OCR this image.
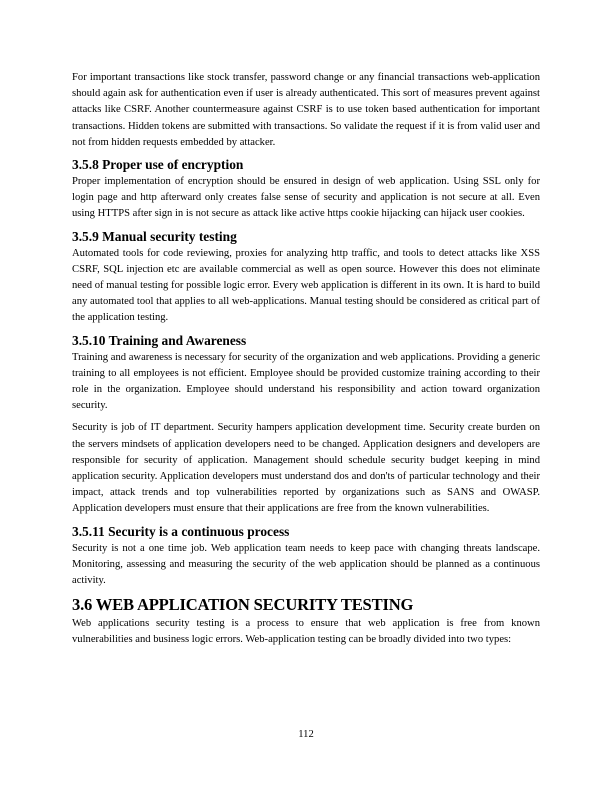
For important transactions like stock transfer, password change or any financial transactions web-application should again ask for authentication even if user is already authenticated. This sort of measures prevent against attacks like CSRF. Another countermeasure against CSRF is to use token based authentication for important transactions. Hidden tokens are submitted with transactions. So validate the request if it is from valid user and not from hidden requests embedded by attacker.

3.5.8 Proper use of encryption

Proper implementation of encryption should be ensured in design of web application. Using SSL only for login page and http afterward only creates false sense of security and application is not secure at all. Even using HTTPS after sign in is not secure as attack like active https cookie hijacking can hijack user cookies.

3.5.9 Manual security testing

Automated tools for code reviewing, proxies for analyzing http traffic, and tools to detect attacks like XSS CSRF, SQL injection etc are available commercial as well as open source. However this does not eliminate need of manual testing for possible logic error. Every web application is different in its own. It is hard to build any automated tool that applies to all web-applications. Manual testing should be considered as critical part of the application testing.

3.5.10 Training and Awareness

Training and awareness is necessary for security of the organization and web applications. Providing a generic training to all employees is not efficient. Employee should be provided customize training according to their role in the organization. Employee should understand his responsibility and action toward organization security.

Security is job of IT department. Security hampers application development time. Security create burden on the servers mindsets of application developers need to be changed. Application designers and developers are responsible for security of application. Management should schedule security budget keeping in mind application security. Application developers must understand dos and don'ts of particular technology and their impact, attack trends and top vulnerabilities reported by organizations such as SANS and OWASP. Application developers must ensure that their applications are free from the known vulnerabilities.

3.5.11 Security is a continuous process

Security is not a one time job. Web application team needs to keep pace with changing threats landscape. Monitoring, assessing and measuring the security of the web application should be planned as a continuous activity.

3.6 WEB APPLICATION SECURITY TESTING

Web applications security testing is a process to ensure that web application is free from known vulnerabilities and business logic errors. Web-application testing can be broadly divided into two types:

112
